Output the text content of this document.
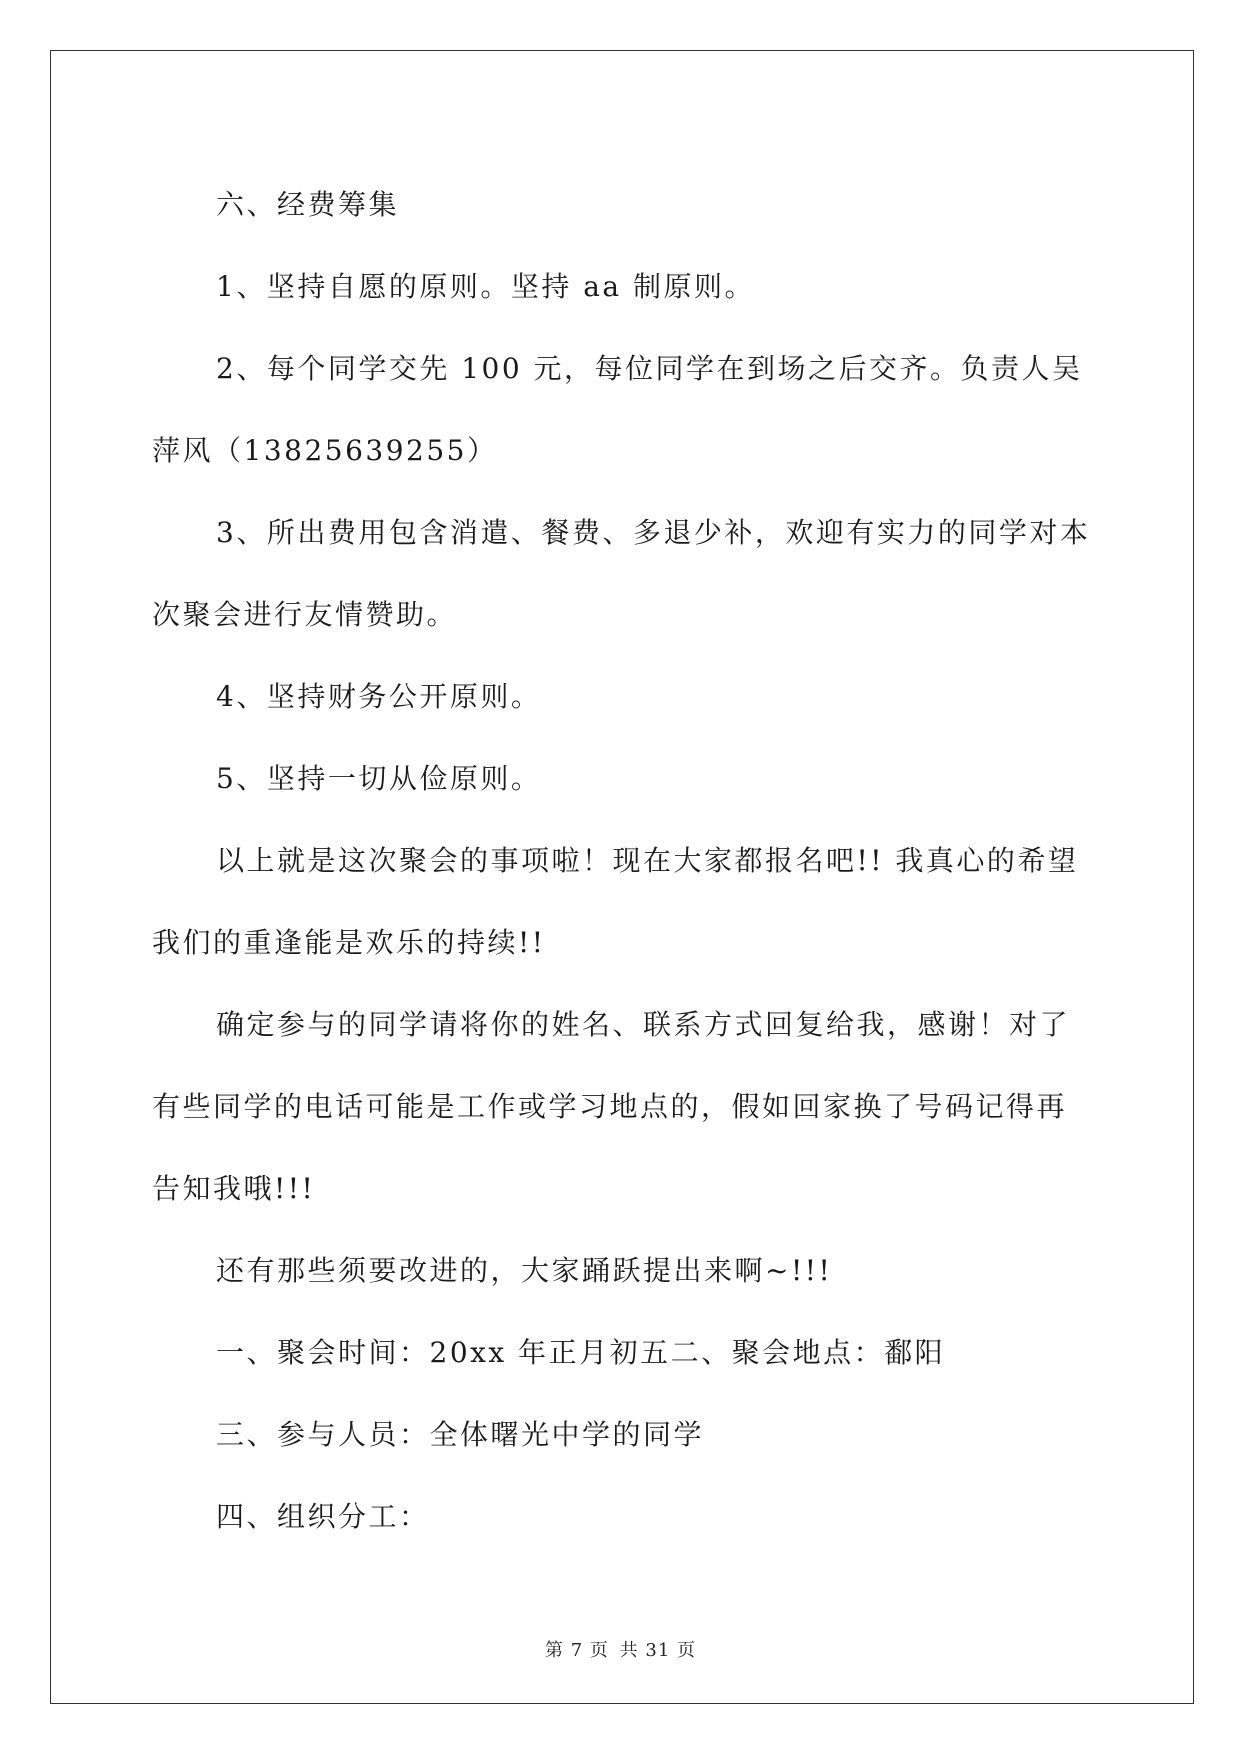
六、经费筹集

1、坚持自愿的原则。坚持 aa 制原则。

2、每个同学交先 100 元，每位同学在到场之后交齐。负责人吴萍风（13825639255）

3、所出费用包含消遣、餐费、多退少补，欢迎有实力的同学对本次聚会进行友情赞助。

4、坚持财务公开原则。

5、坚持一切从俭原则。

以上就是这次聚会的事项啦！现在大家都报名吧!! 我真心的希望我们的重逢能是欢乐的持续!!

确定参与的同学请将你的姓名、联系方式回复给我，感谢！对了有些同学的电话可能是工作或学习地点的，假如回家换了号码记得再告知我哦!!!

还有那些须要改进的，大家踊跃提出来啊~!!!

一、聚会时间：20xx 年正月初五二、聚会地点：鄱阳

三、参与人员：全体曙光中学的同学

四、组织分工：

第 7 页 共 31 页
